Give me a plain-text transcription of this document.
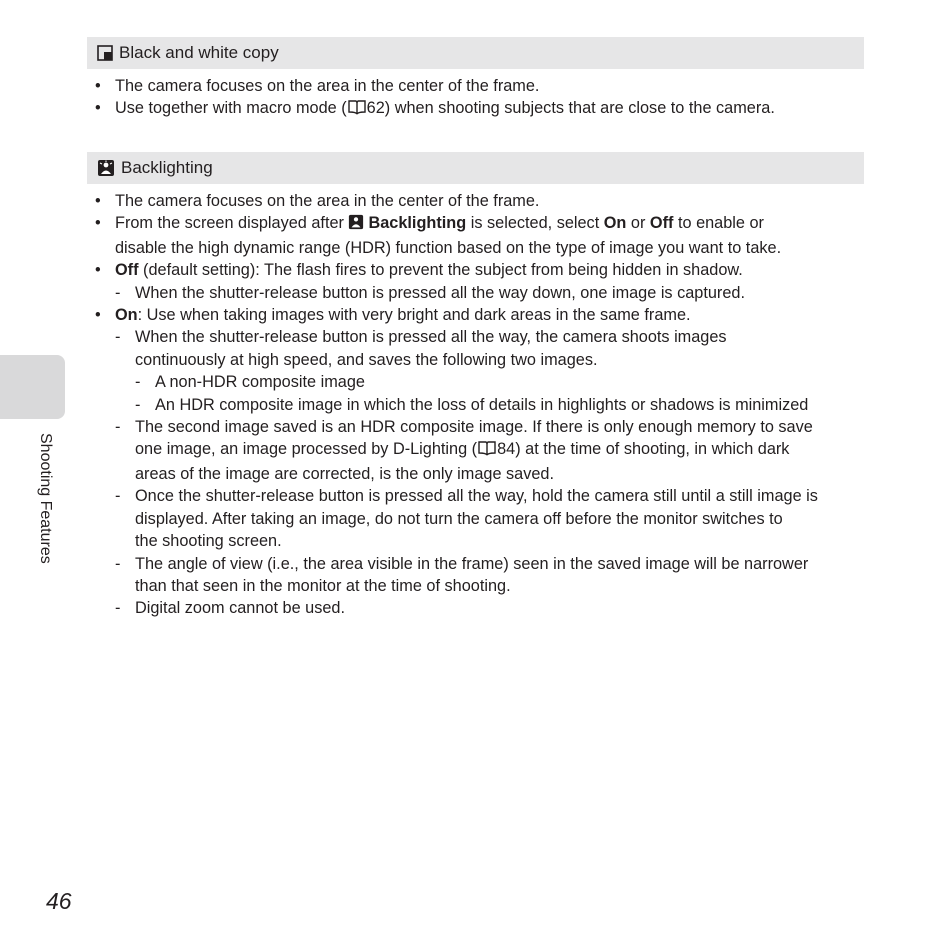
Black and white copy
• The camera focuses on the area in the center of the frame.
• Use together with macro mode ( 62) when shooting subjects that are close to the camera.
Backlighting
• The camera focuses on the area in the center of the frame.
• From the screen displayed after Backlighting is selected, select On or Off to enable or
disable the high dynamic range (HDR) function based on the type of image you want to take.
• Off (default setting): The flash fires to prevent the subject from being hidden in shadow.
- When the shutter-release button is pressed all the way down, one image is captured.
• On: Use when taking images with very bright and dark areas in the same frame.
- When the shutter-release button is pressed all the way, the camera shoots images
continuously at high speed, and saves the following two images.
- A non-HDR composite image
- An HDR composite image in which the loss of details in highlights or shadows is minimized
- The second image saved is an HDR composite image. If there is only enough memory to save
one image, an image processed by D-Lighting ( 84) at the time of shooting, in which dark
areas of the image are corrected, is the only image saved.
- Once the shutter-release button is pressed all the way, hold the camera still until a still image is
displayed. After taking an image, do not turn the camera off before the monitor switches to
the shooting screen.
- The angle of view (i.e., the area visible in the frame) seen in the saved image will be narrower
than that seen in the monitor at the time of shooting.
- Digital zoom cannot be used.
Shooting Features
46
